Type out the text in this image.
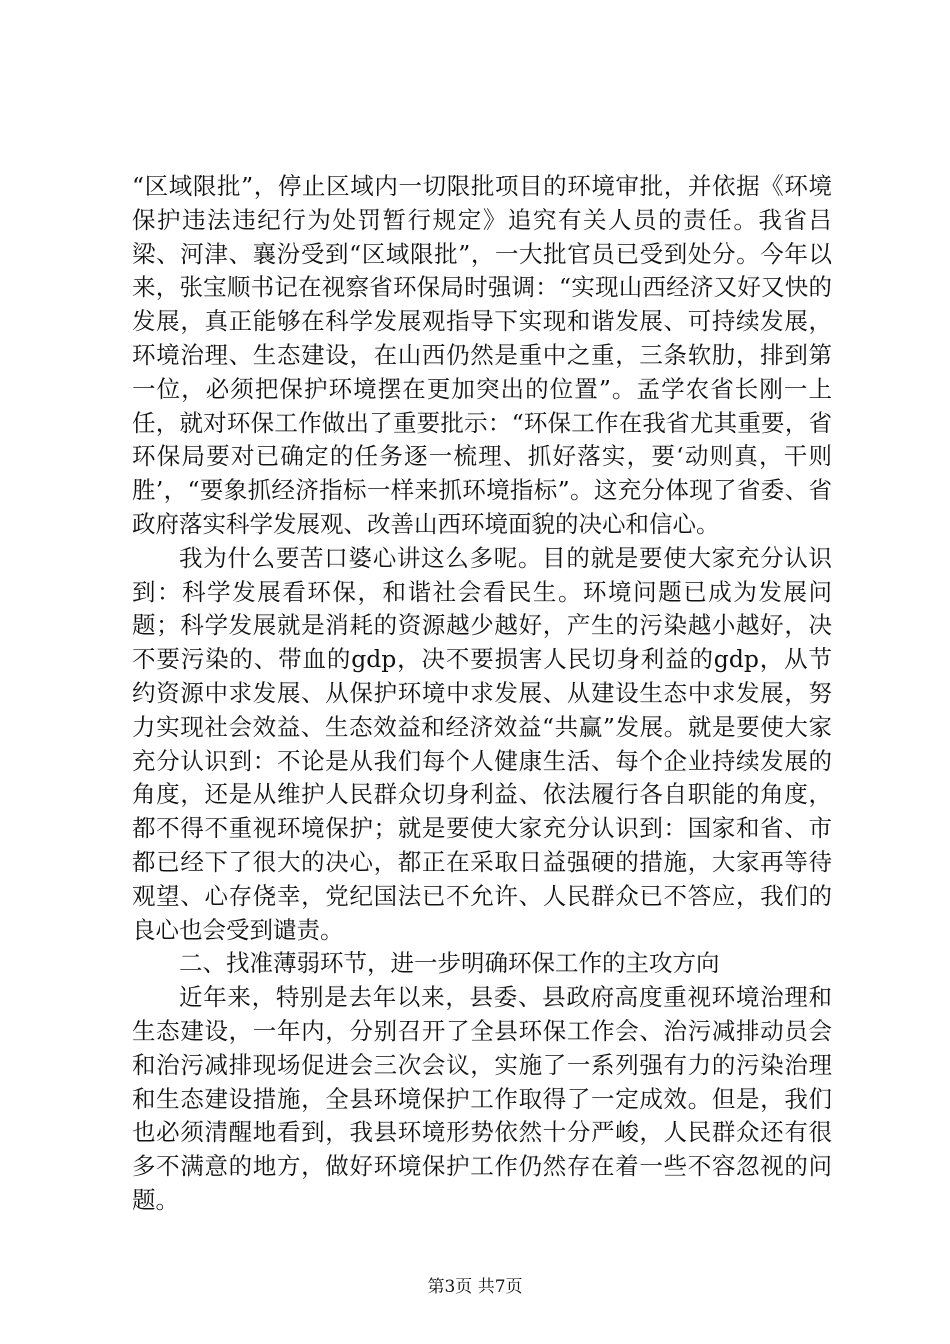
“区域限批”，停止区域内一切限批项目的环境审批，并依据《环境保护违法违纪行为处罚暂行规定》追究有关人员的责任。我省吕梁、河津、襄汾受到“区域限批”，一大批官员已受到处分。今年以来，张宝顺书记在视察省环保局时强调：“实现山西经济又好又快的发展，真正能够在科学发展观指导下实现和谐发展、可持续发展，环境治理、生态建设，在山西仍然是重中之重，三条软肋，排到第一位，必须把保护环境摆在更加突出的位置”。孟学农省长刚一上任，就对环保工作做出了重要批示：“环保工作在我省尤其重要，省环保局要对已确定的任务逐一梳理、抓好落实，要‘动则真，干则胜’，“要象抓经济指标一样来抓环境指标”。这充分体现了省委、省政府落实科学发展观、改善山西环境面貌的决心和信心。

我为什么要苦口婆心讲这么多呢。目的就是要使大家充分认识到：科学发展看环保，和谐社会看民生。环境问题已成为发展问题；科学发展就是消耗的资源越少越好，产生的污染越小越好，决不要污染的、带血的gdp，决不要损害人民切身利益的gdp，从节约资源中求发展、从保护环境中求发展、从建设生态中求发展，努力实现社会效益、生态效益和经济效益“共赢”发展。就是要使大家充分认识到：不论是从我们每个人健康生活、每个企业持续发展的角度，还是从维护人民群众切身利益、依法履行各自职能的角度，都不得不重视环境保护；就是要使大家充分认识到：国家和省、市都已经下了很大的决心，都正在采取日益强硬的措施，大家再等待观望、心存侥幸，党纪国法已不允许、人民群众已不答应，我们的良心也会受到谴责。

二、找准薄弱环节，进一步明确环保工作的主攻方向

近年来，特别是去年以来，县委、县政府高度重视环境治理和生态建设，一年内，分别召开了全县环保工作会、治污减排动员会和治污减排现场促进会三次会议，实施了一系列强有力的污染治理和生态建设措施，全县环境保护工作取得了一定成效。但是，我们也必须清醒地看到，我县环境形势依然十分严峻，人民群众还有很多不满意的地方，做好环境保护工作仍然存在着一些不容忽视的问题。

第3页 共7页
